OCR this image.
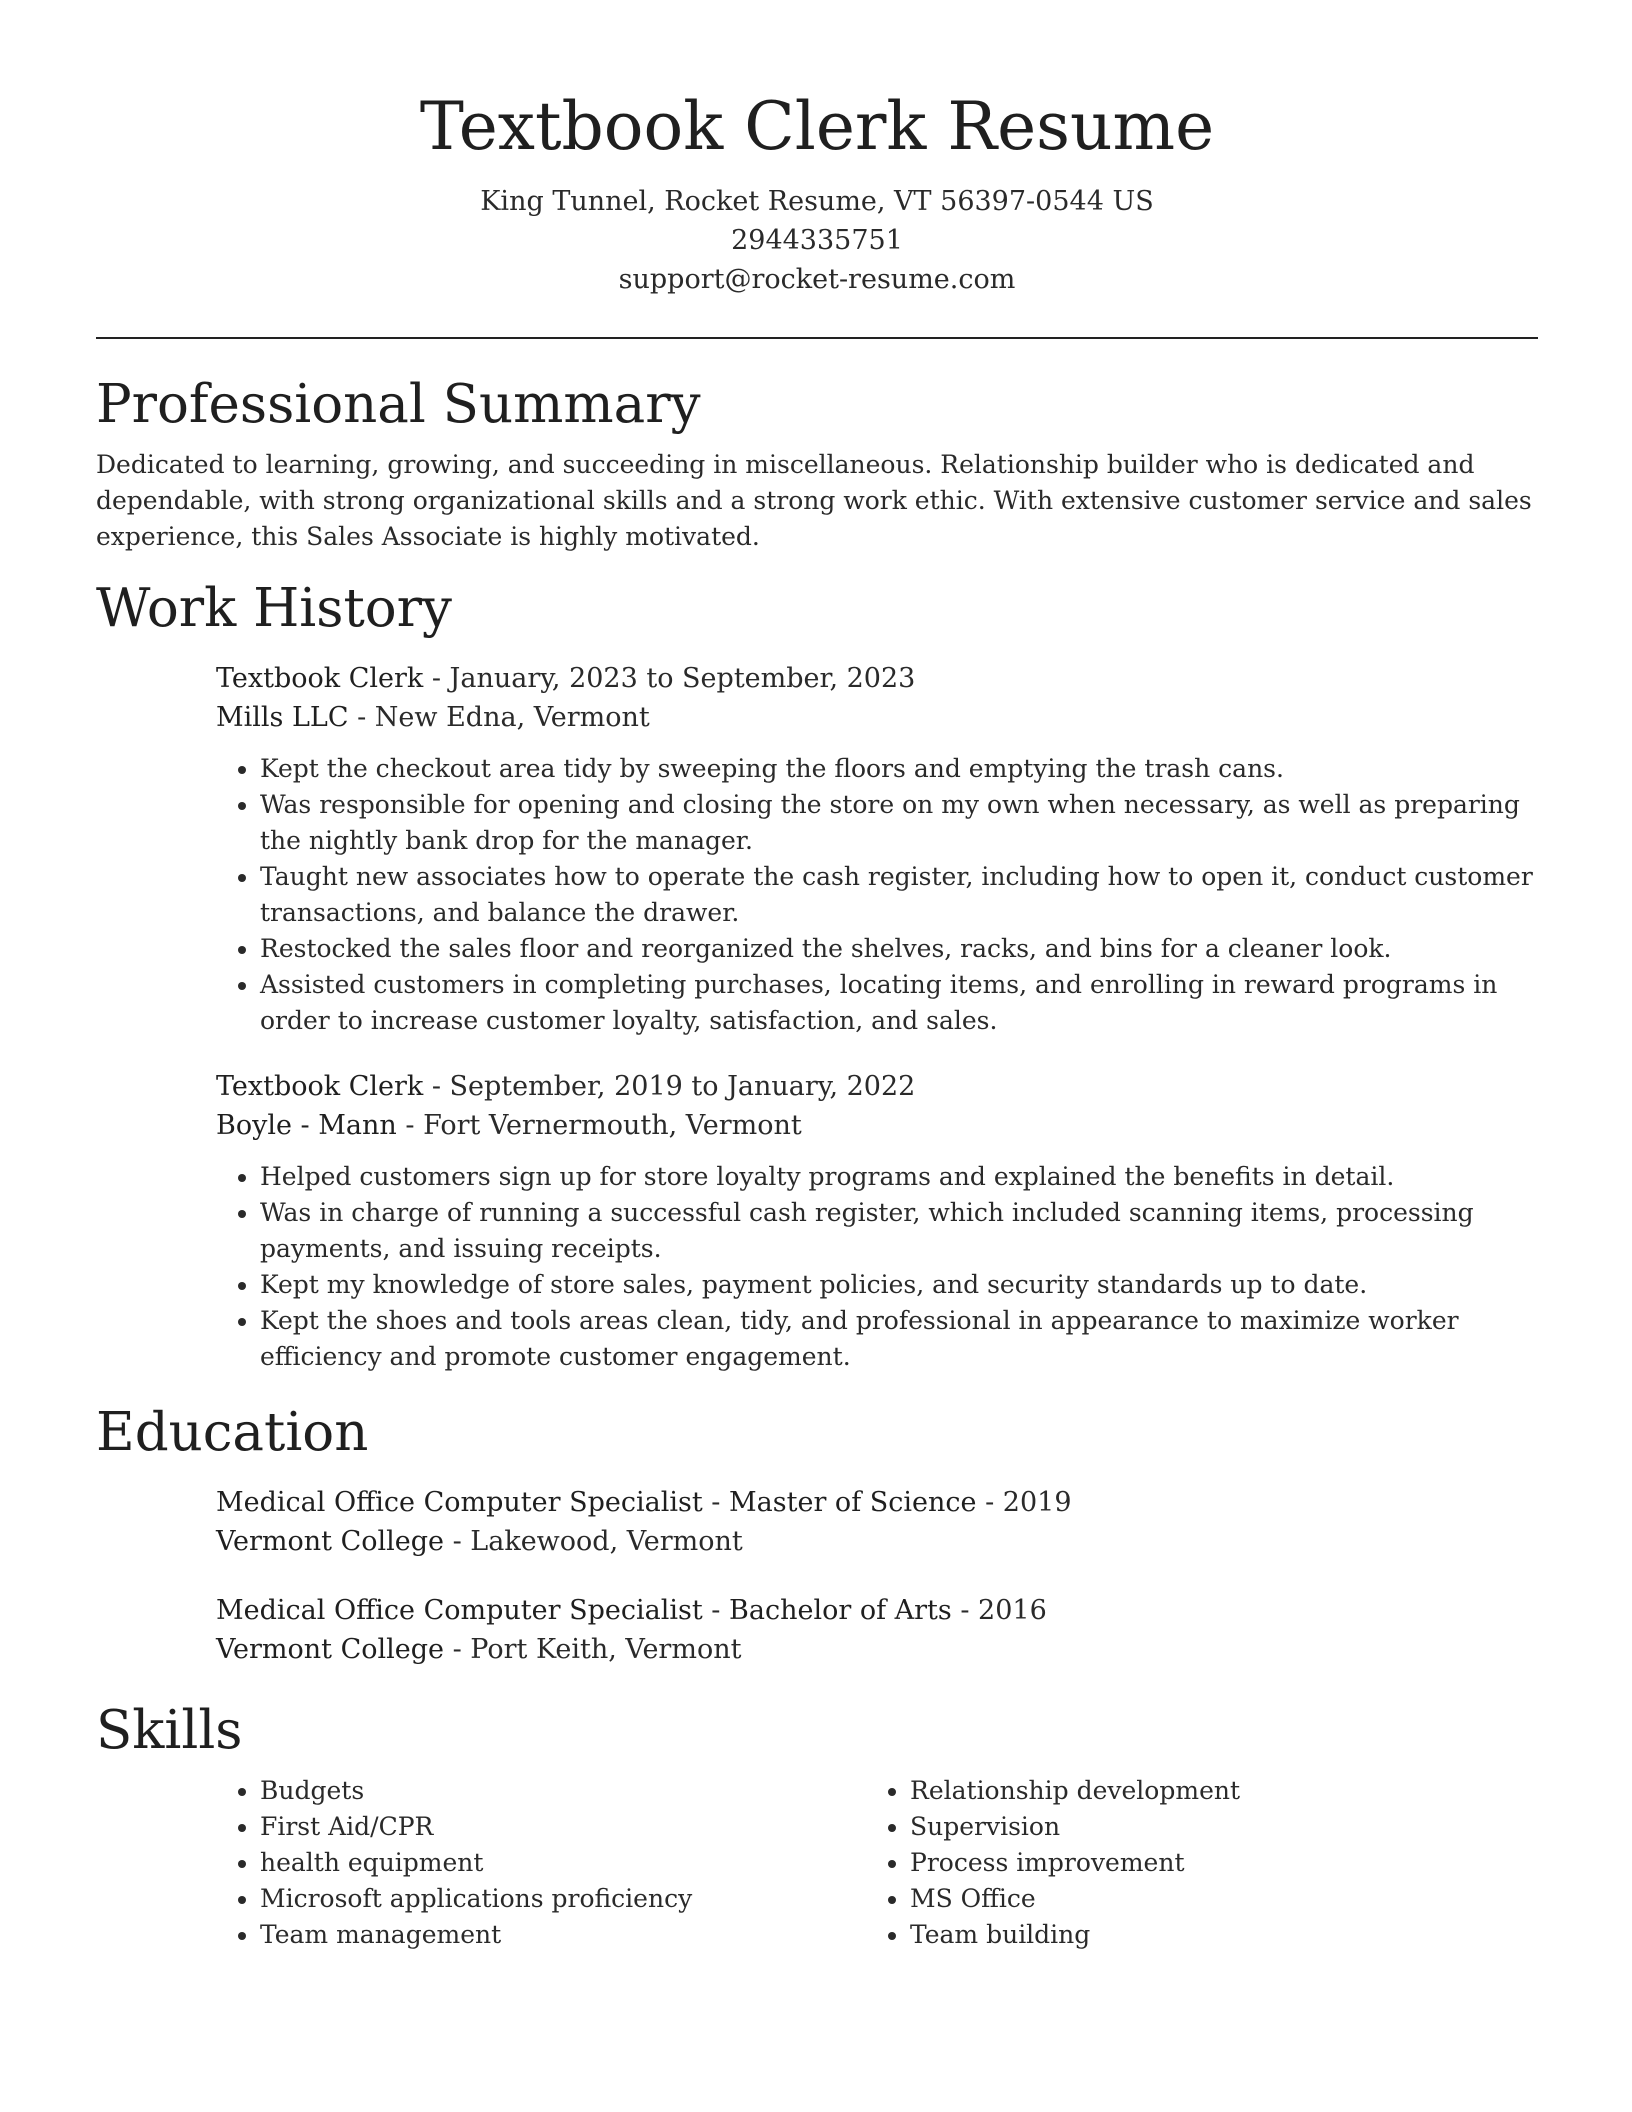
Textbook Clerk Resume
King Tunnel, Rocket Resume, VT 56397-0544 US
2944335751
support@rocket-resume.com
Professional Summary

Dedicated to learning, growing, and succeeding in miscellaneous. Relationship builder who is dedicated and dependable, with strong organizational skills and a strong work ethic. With extensive customer service and sales experience, this Sales Associate is highly motivated.

Work History
Textbook Clerk - January, 2023 to September, 2023
Mills LLC - New Edna, Vermont
• Kept the checkout area tidy by sweeping the floors and emptying the trash cans.
• Was responsible for opening and closing the store on my own when necessary, as well as preparing the nightly bank drop for the manager.
• Taught new associates how to operate the cash register, including how to open it, conduct customer transactions, and balance the drawer.
• Restocked the sales floor and reorganized the shelves, racks, and bins for a cleaner look.
• Assisted customers in completing purchases, locating items, and enrolling in reward programs in order to increase customer loyalty, satisfaction, and sales.
Textbook Clerk - September, 2019 to January, 2022
Boyle - Mann - Fort Vernermouth, Vermont
• Helped customers sign up for store loyalty programs and explained the benefits in detail.
• Was in charge of running a successful cash register, which included scanning items, processing payments, and issuing receipts.
• Kept my knowledge of store sales, payment policies, and security standards up to date.
• Kept the shoes and tools areas clean, tidy, and professional in appearance to maximize worker efficiency and promote customer engagement.
Education
Medical Office Computer Specialist - Master of Science - 2019
Vermont College - Lakewood, Vermont
Medical Office Computer Specialist - Bachelor of Arts - 2016
Vermont College - Port Keith, Vermont
Skills
• Budgets
• First Aid/CPR
• health equipment
• Microsoft applications proficiency
• Team management
• Relationship development
• Supervision
• Process improvement
• MS Office
• Team building
